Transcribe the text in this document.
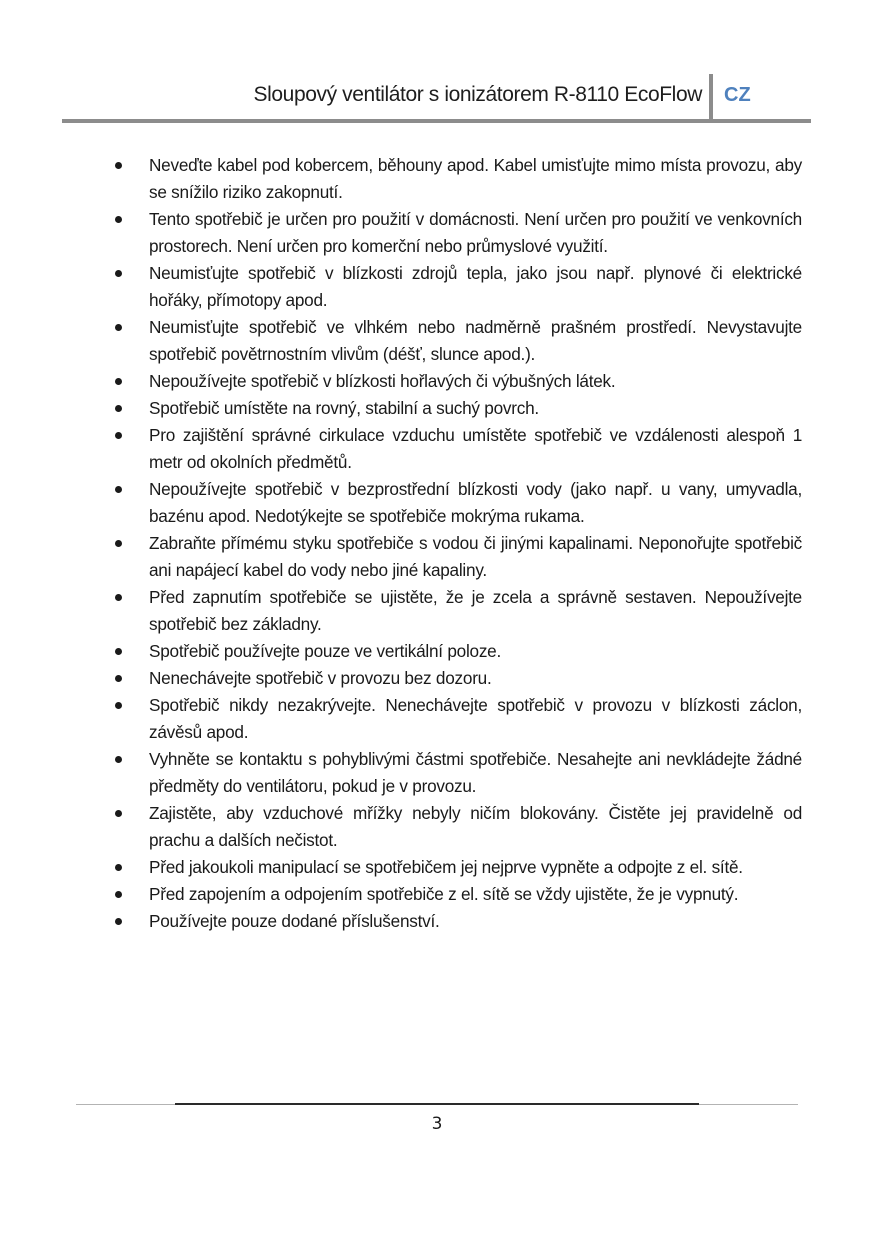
Sloupový ventilátor s ionizátorem R-8110 EcoFlow CZ
Neveďte kabel pod kobercem, běhouny apod. Kabel umisťujte mimo místa provozu, aby se snížilo riziko zakopnutí.
Tento spotřebič je určen pro použití v domácnosti. Není určen pro použití ve venkovních prostorech. Není určen pro komerční nebo průmyslové využití.
Neumisťujte spotřebič v blízkosti zdrojů tepla, jako jsou např. plynové či elektrické hořáky, přímotopy apod.
Neumisťujte spotřebič ve vlhkém nebo nadměrně prašném prostředí. Nevystavujte spotřebič povětrnostním vlivům (déšť, slunce apod.).
Nepoužívejte spotřebič v blízkosti hořlavých či výbušných látek.
Spotřebič umístěte na rovný, stabilní a suchý povrch.
Pro zajištění správné cirkulace vzduchu umístěte spotřebič ve vzdálenosti alespoň 1 metr od okolních předmětů.
Nepoužívejte spotřebič v bezprostřední blízkosti vody (jako např. u vany, umyvadla, bazénu apod. Nedotýkejte se spotřebiče mokrýma rukama.
Zabraňte přímému styku spotřebiče s vodou či jinými kapalinami. Neponořujte spotřebič ani napájecí kabel do vody nebo jiné kapaliny.
Před zapnutím spotřebiče se ujistěte, že je zcela a správně sestaven. Nepoužívejte spotřebič bez základny.
Spotřebič používejte pouze ve vertikální poloze.
Nenechávejte spotřebič v provozu bez dozoru.
Spotřebič nikdy nezakrývejte. Nenechávejte spotřebič v provozu v blízkosti záclon, závěsů apod.
Vyhněte se kontaktu s pohyblivými částmi spotřebiče. Nesahejte ani nevkládejte žádné předměty do ventilátoru, pokud je v provozu.
Zajistěte, aby vzduchové mřížky nebyly ničím blokovány. Čistěte jej pravidelně od prachu a dalších nečistot.
Před jakoukoli manipulací se spotřebičem jej nejprve vypněte a odpojte z el. sítě.
Před zapojením a odpojením spotřebiče z el. sítě se vždy ujistěte, že je vypnutý.
Používejte pouze dodané příslušenství.
3
